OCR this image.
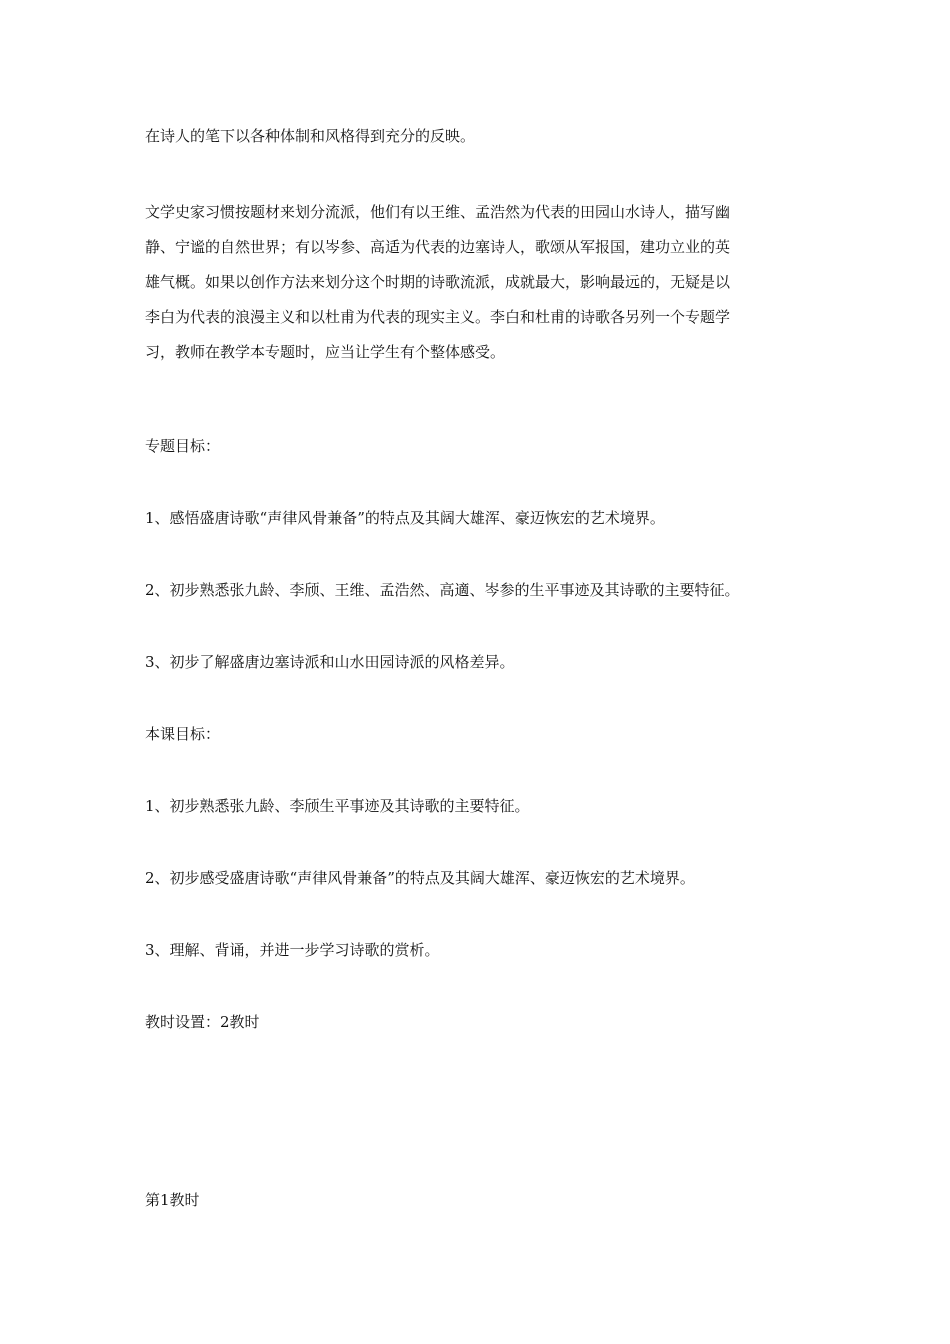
在诗人的笔下以各种体制和风格得到充分的反映。

文学史家习惯按题材来划分流派，他们有以王维、孟浩然为代表的田园山水诗人，描写幽
静、宁谧的自然世界；有以岑参、高适为代表的边塞诗人，歌颂从军报国，建功立业的英
雄气概。如果以创作方法来划分这个时期的诗歌流派，成就最大，影响最远的，无疑是以
李白为代表的浪漫主义和以杜甫为代表的现实主义。李白和杜甫的诗歌各另列一个专题学
习，教师在教学本专题时，应当让学生有个整体感受。

专题目标：

1、感悟盛唐诗歌“声律风骨兼备”的特点及其阔大雄浑、豪迈恢宏的艺术境界。

2、初步熟悉张九龄、李颀、王维、孟浩然、高適、岑参的生平事迹及其诗歌的主要特征。

3、初步了解盛唐边塞诗派和山水田园诗派的风格差异。

本课目标：

1、初步熟悉张九龄、李颀生平事迹及其诗歌的主要特征。

2、初步感受盛唐诗歌“声律风骨兼备”的特点及其阔大雄浑、豪迈恢宏的艺术境界。

3、理解、背诵，并进一步学习诗歌的赏析。

教时设置：2教时

第1教时
